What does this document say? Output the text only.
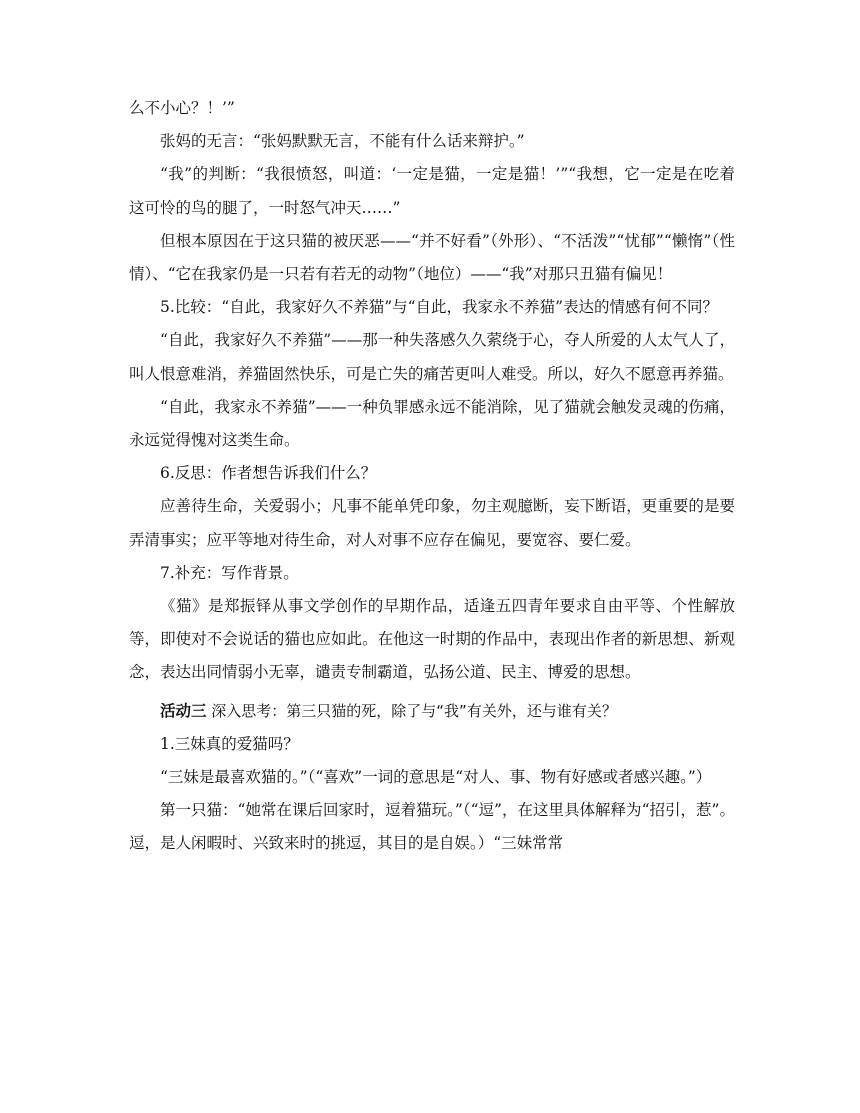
么不小心？！’”

张妈的无言：“张妈默默无言，不能有什么话来辩护。”

“我”的判断：“我很愤怒，叫道：‘一定是猫，一定是猫！’”“我想，它一定是在吃着这可怜的鸟的腿了，一时怒气冲天……”

但根本原因在于这只猫的被厌恶——“并不好看”（外形）、“不活泼”“忧郁”“懒惰”（性情）、“它在我家仍是一只若有若无的动物”（地位）——“我”对那只丑猫有偏见！

5.比较：“自此，我家好久不养猫”与“自此，我家永不养猫”表达的情感有何不同？

“自此，我家好久不养猫”——那一种失落感久久萦绕于心，夺人所爱的人太气人了，叫人恨意难消，养猫固然快乐，可是亡失的痛苦更叫人难受。所以，好久不愿意再养猫。

“自此，我家永不养猫”——一种负罪感永远不能消除，见了猫就会触发灵魂的伤痛，永远觉得愧对这类生命。

6.反思：作者想告诉我们什么？

应善待生命，关爱弱小；凡事不能单凭印象，勿主观臆断，妄下断语，更重要的是要弄清事实；应平等地对待生命，对人对事不应存在偏见，要宽容、要仁爱。

7.补充：写作背景。

《猫》是郑振铎从事文学创作的早期作品，适逢五四青年要求自由平等、个性解放等，即使对不会说话的猫也应如此。在他这一时期的作品中，表现出作者的新思想、新观念，表达出同情弱小无辜，谴责专制霸道，弘扬公道、民主、博爱的思想。

活动三 深入思考：第三只猫的死，除了与“我”有关外，还与谁有关？

1.三妹真的爱猫吗？

“三妹是最喜欢猫的。”（“喜欢”一词的意思是“对人、事、物有好感或者感兴趣。”）

第一只猫：“她常在课后回家时，逗着猫玩。”（“逗”，在这里具体解释为“招引，惹”。逗，是人闲暇时、兴致来时的挑逗，其目的是自娱。）“三妹常常
